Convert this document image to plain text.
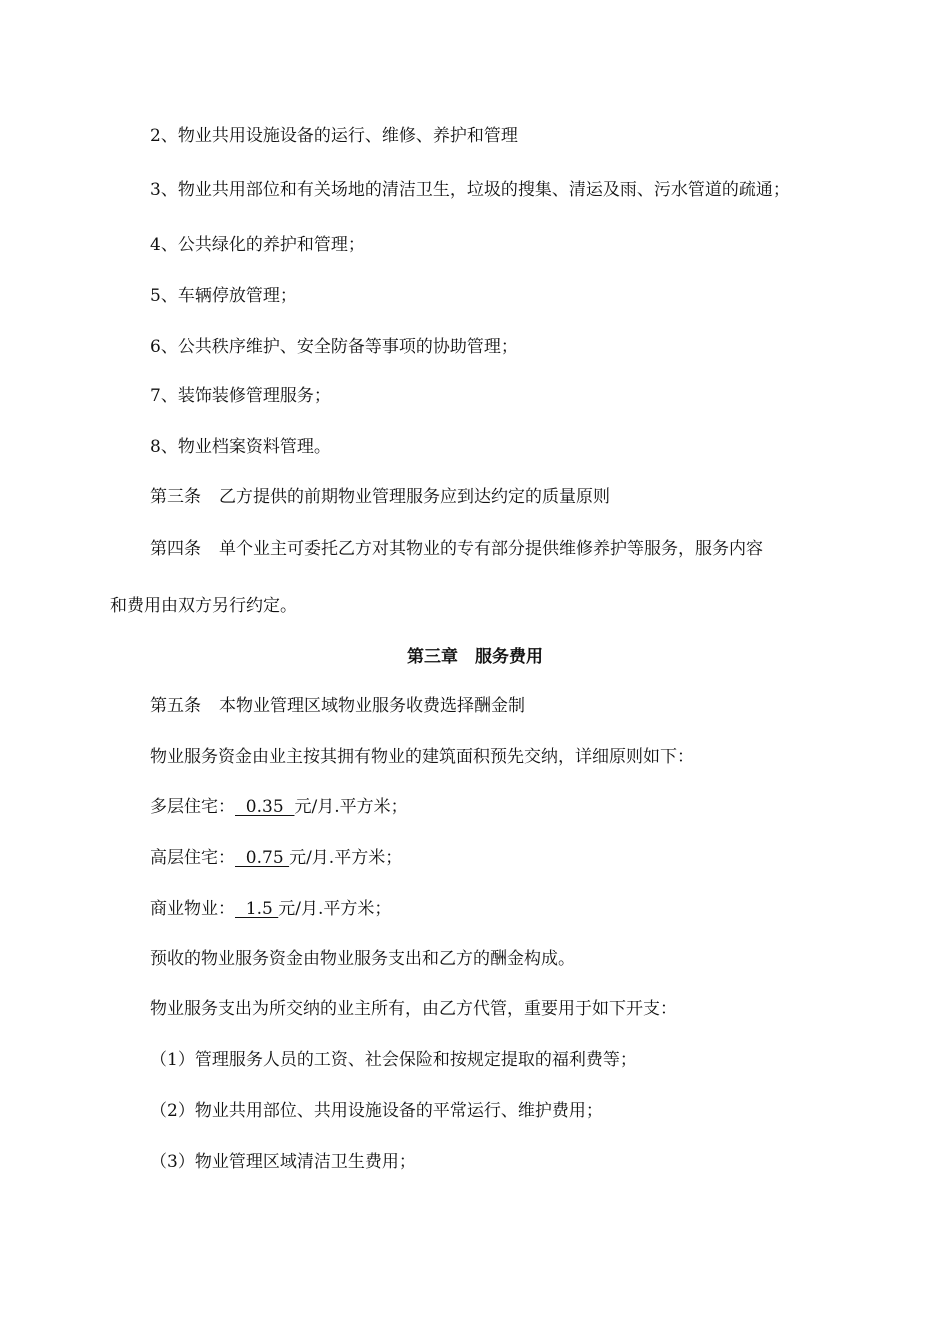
2、物业共用设施设备的运行、维修、养护和管理
3、物业共用部位和有关场地的清洁卫生，垃圾的搜集、清运及雨、污水管道的疏通；
4、公共绿化的养护和管理；
5、车辆停放管理；
6、公共秩序维护、安全防备等事项的协助管理；
7、装饰装修管理服务；
8、物业档案资料管理。
第三条 乙方提供的前期物业管理服务应到达约定的质量原则
第四条 单个业主可委托乙方对其物业的专有部分提供维修养护等服务，服务内容
和费用由双方另行约定。
第三章　服务费用
第五条 本物业管理区域物业服务收费选择酬金制
物业服务资金由业主按其拥有物业的建筑面积预先交纳，详细原则如下：
多层住宅：  0.35  元/月.平方米；
高层住宅：  0.75 元/月.平方米；
商业物业：  1.5 元/月.平方米；
预收的物业服务资金由物业服务支出和乙方的酬金构成。
物业服务支出为所交纳的业主所有，由乙方代管，重要用于如下开支：
（1）管理服务人员的工资、社会保险和按规定提取的福利费等；
（2）物业共用部位、共用设施设备的平常运行、维护费用；
（3）物业管理区域清洁卫生费用；
